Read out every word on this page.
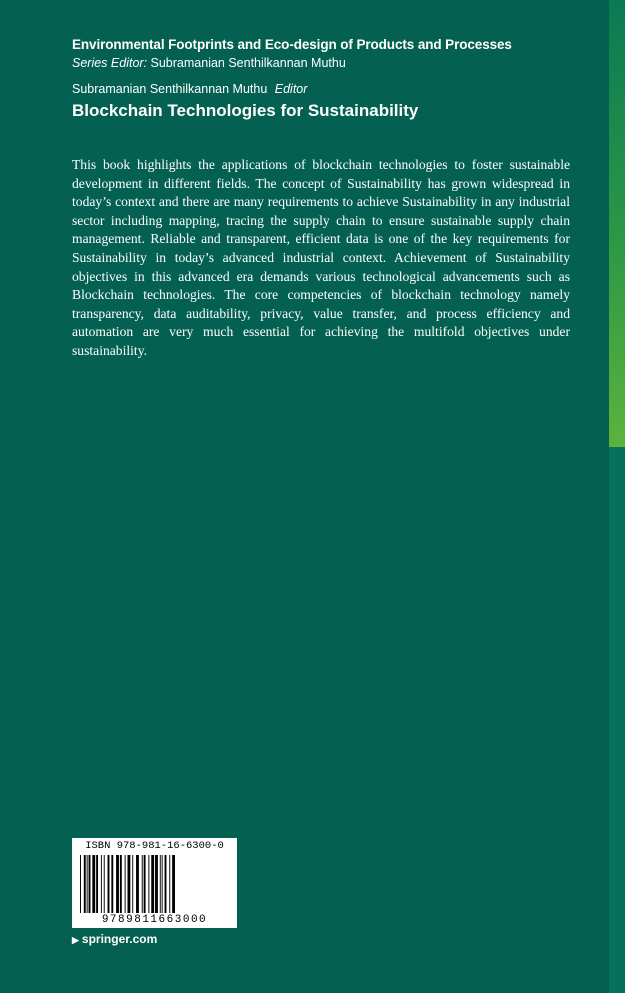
Environmental Footprints and Eco-design of Products and Processes
Series Editor: Subramanian Senthilkannan Muthu
Subramanian Senthilkannan Muthu Editor
Blockchain Technologies for Sustainability
This book highlights the applications of blockchain technologies to foster sustainable development in different fields. The concept of Sustainability has grown widespread in today’s context and there are many requirements to achieve Sustainability in any industrial sector including mapping, tracing the supply chain to ensure sustainable supply chain management. Reliable and transparent, efficient data is one of the key requirements for Sustainability in today’s advanced industrial context. Achievement of Sustainability objectives in this advanced era demands various technological advancements such as Blockchain technologies. The core competencies of blockchain technology namely transparency, data auditability, privacy, value transfer, and process efficiency and automation are very much essential for achieving the multifold objectives under sustainability.
ISBN 978-981-16-6300-0
9789811663000
▶ springer.com
